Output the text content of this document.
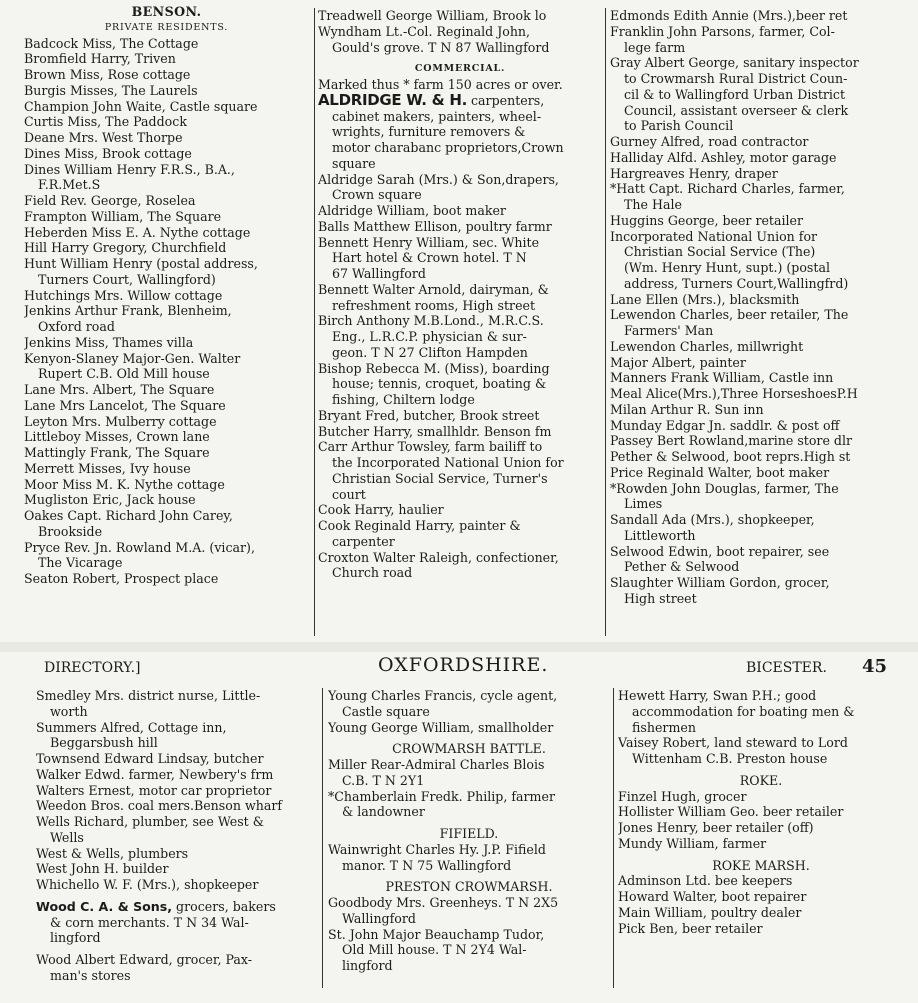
BENSON.
PRIVATE RESIDENTS.
Badcock Miss, The Cottage
Bromfield Harry, Triven
Brown Miss, Rose cottage
Burgis Misses, The Laurels
Champion John Waite, Castle square
Curtis Miss, The Paddock
Deane Mrs. West Thorpe
Dines Miss, Brook cottage
Dines William Henry F.R.S., B.A.,
F.R.Met.S
Field Rev. George, Roselea
Frampton William, The Square
Heberden Miss E. A. Nythe cottage
Hill Harry Gregory, Churchfield
Hunt William Henry (postal address,
Turners Court, Wallingford)
Hutchings Mrs. Willow cottage
Jenkins Arthur Frank, Blenheim,
Oxford road
Jenkins Miss, Thames villa
Kenyon-Slaney Major-Gen. Walter
Rupert C.B. Old Mill house
Lane Mrs. Albert, The Square
Lane Mrs Lancelot, The Square
Leyton Mrs. Mulberry cottage
Littleboy Misses, Crown lane
Mattingly Frank, The Square
Merrett Misses, Ivy house
Moor Miss M. K. Nythe cottage
Mugliston Eric, Jack house
Oakes Capt. Richard John Carey,
Brookside
Pryce Rev. Jn. Rowland M.A. (vicar),
The Vicarage
Seaton Robert, Prospect place
Treadwell George William, Brook lo
Wyndham Lt.-Col. Reginald John,
Gould's grove. T N 87 Wallingford
COMMERCIAL.
Marked thus * farm 150 acres or over.
ALDRIDGE W. & H. carpenters,
cabinet makers, painters, wheel-
wrights, furniture removers &
motor charabanc proprietors,Crown
square
Aldridge Sarah (Mrs.) & Son,drapers,
Crown square
Aldridge William, boot maker
Balls Matthew Ellison, poultry farmr
Bennett Henry William, sec. White
Hart hotel & Crown hotel. T N
67 Wallingford
Bennett Walter Arnold, dairyman, &
refreshment rooms, High street
Birch Anthony M.B.Lond., M.R.C.S.
Eng., L.R.C.P. physician & sur-
geon. T N 27 Clifton Hampden
Bishop Rebecca M. (Miss), boarding
house; tennis, croquet, boating &
fishing, Chiltern lodge
Bryant Fred, butcher, Brook street
Butcher Harry, smallhldr. Benson fm
Carr Arthur Towsley, farm bailiff to
the Incorporated National Union for
Christian Social Service, Turner's
court
Cook Harry, haulier
Cook Reginald Harry, painter &
carpenter
Croxton Walter Raleigh, confectioner,
Church road
Edmonds Edith Annie (Mrs.),beer ret
Franklin John Parsons, farmer, Col-
lege farm
Gray Albert George, sanitary inspector
to Crowmarsh Rural District Coun-
cil & to Wallingford Urban District
Council, assistant overseer & clerk
to Parish Council
Gurney Alfred, road contractor
Halliday Alfd. Ashley, motor garage
Hargreaves Henry, draper
*Hatt Capt. Richard Charles, farmer,
The Hale
Huggins George, beer retailer
Incorporated National Union for
Christian Social Service (The)
(Wm. Henry Hunt, supt.) (postal
address, Turners Court,Wallingfrd)
Lane Ellen (Mrs.), blacksmith
Lewendon Charles, beer retailer, The
Farmers' Man
Lewendon Charles, millwright
Major Albert, painter
Manners Frank William, Castle inn
Meal Alice(Mrs.),Three HorseshoesP.H
Milan Arthur R. Sun inn
Munday Edgar Jn. saddlr. & post off
Passey Bert Rowland,marine store dlr
Pether & Selwood, boot reprs.High st
Price Reginald Walter, boot maker
*Rowden John Douglas, farmer, The
Limes
Sandall Ada (Mrs.), shopkeeper,
Littleworth
Selwood Edwin, boot repairer, see
Pether & Selwood
Slaughter William Gordon, grocer,
High street
DIRECTORY.]	OXFORDSHIRE.	BICESTER. 45
Smedley Mrs. district nurse, Little-
worth
Summers Alfred, Cottage inn,
Beggarsbush hill
Townsend Edward Lindsay, butcher
Walker Edwd. farmer, Newbery's frm
Walters Ernest, motor car proprietor
Weedon Bros. coal mers.Benson wharf
Wells Richard, plumber, see West &
Wells
West & Wells, plumbers
West John H. builder
Whichello W. F. (Mrs.), shopkeeper
Wood C. A. & Sons, grocers, bakers
& corn merchants. T N 34 Wal-
lingford
Wood Albert Edward, grocer, Pax-
man's stores
Young Charles Francis, cycle agent,
Castle square
Young George William, smallholder
CROWMARSH BATTLE.
Miller Rear-Admiral Charles Blois
C.B. T N 2Y1
*Chamberlain Fredk. Philip, farmer
& landowner
FIFIELD.
Wainwright Charles Hy. J.P. Fifield
manor. T N 75 Wallingford
PRESTON CROWMARSH.
Goodbody Mrs. Greenheys. T N 2X5
Wallingford
St. John Major Beauchamp Tudor,
Old Mill house. T N 2Y4 Wal-
lingford
Hewett Harry, Swan P.H.; good
accommodation for boating men &
fishermen
Vaisey Robert, land steward to Lord
Wittenham C.B. Preston house
ROKE.
Finzel Hugh, grocer
Hollister William Geo. beer retailer
Jones Henry, beer retailer (off)
Mundy William, farmer
ROKE MARSH.
Adminson Ltd. bee keepers
Howard Walter, boot repairer
Main William, poultry dealer
Pick Ben, beer retailer
